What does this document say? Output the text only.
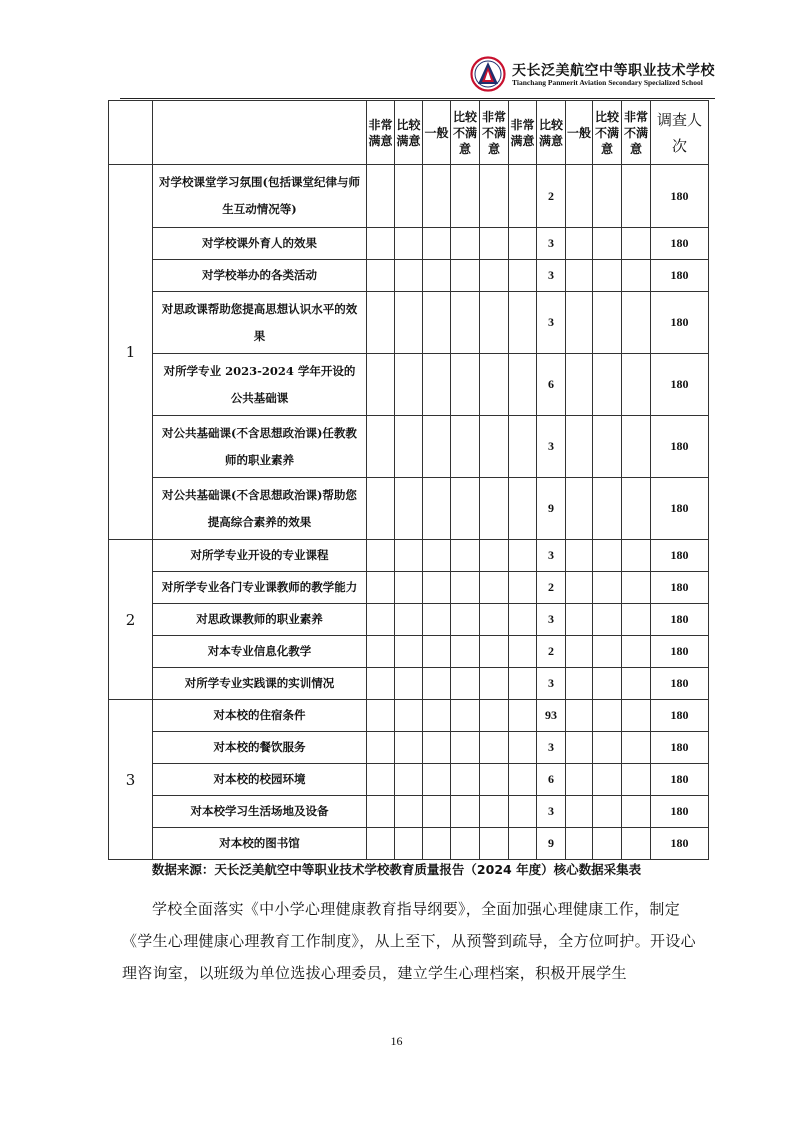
天长泛美航空中等职业技术学校
Tianchang Panmerit Aviation Secondary Specialized School
		非常满意	比较满意	一般	比较不满意	非常不满意	非常满意	比较满意	一般	比较不满意	非常不满意	调查人次
1	对学校课堂学习氛围(包括课堂纪律与师生互动情况等)							2				180
	对学校课外育人的效果							3				180
	对学校举办的各类活动							3				180
	对思政课帮助您提高思想认识水平的效果							3				180
	对所学专业 2023-2024 学年开设的公共基础课							6				180
	对公共基础课(不含思想政治课)任教教师的职业素养							3				180
	对公共基础课(不含思想政治课)帮助您提高综合素养的效果							9				180
2	对所学专业开设的专业课程							3				180
	对所学专业各门专业课教师的教学能力							2				180
	对思政课教师的职业素养							3				180
	对本专业信息化教学							2				180
	对所学专业实践课的实训情况							3				180
3	对本校的住宿条件							93				180
	对本校的餐饮服务							3				180
	对本校的校园环境							6				180
	对本校学习生活场地及设备							3				180
	对本校的图书馆							9				180
数据来源：天长泛美航空中等职业技术学校教育质量报告（2024 年度）核心数据采集表

学校全面落实《中小学心理健康教育指导纲要》，全面加强心理健康工作，制定《学生心理健康心理教育工作制度》，从上至下，从预警到疏导，全方位呵护。开设心理咨询室，以班级为单位选拔心理委员，建立学生心理档案，积极开展学生

16
